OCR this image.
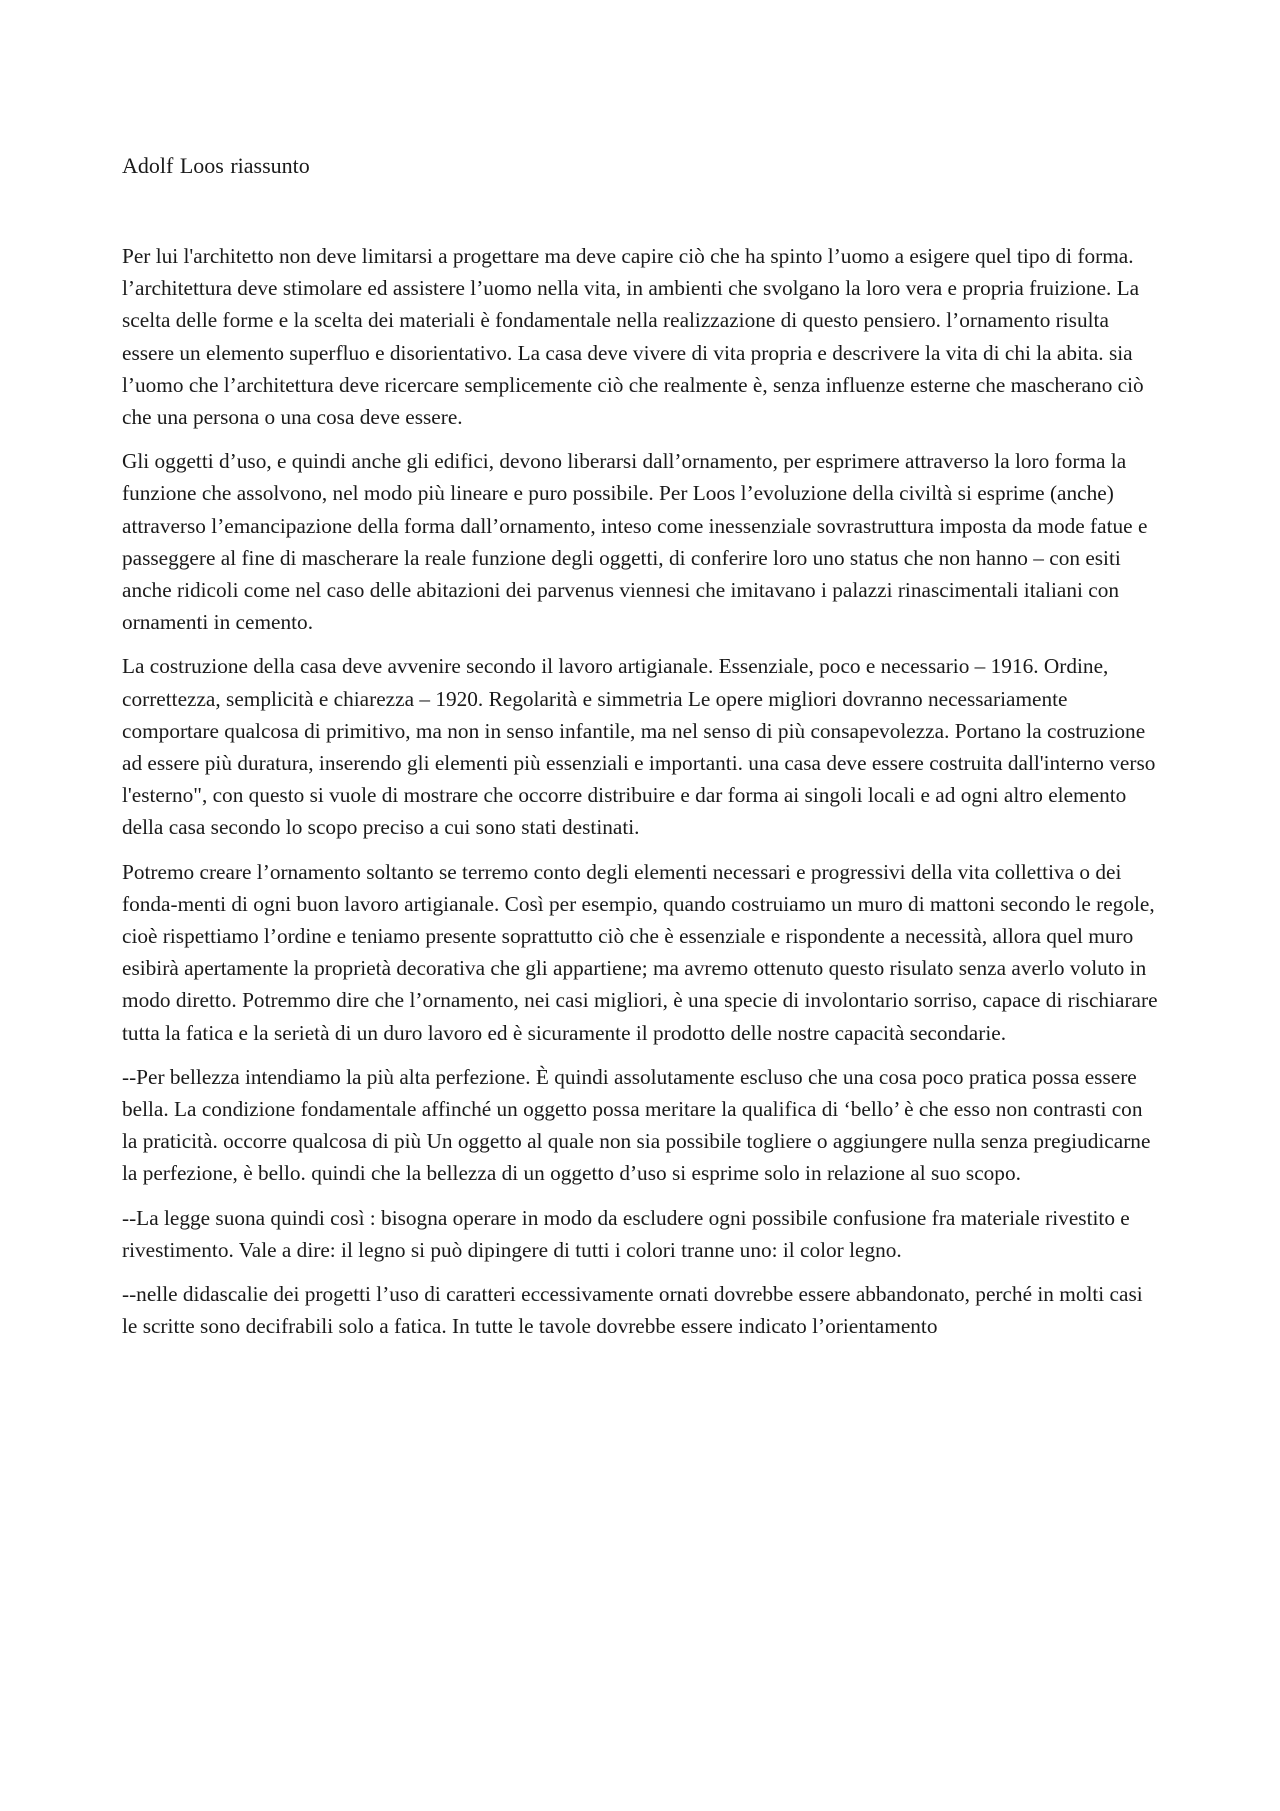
Adolf Loos riassunto

Per lui l'architetto non deve limitarsi a progettare ma deve capire ciò che ha spinto l’uomo a esigere quel tipo di forma. l’architettura deve stimolare ed assistere l’uomo nella vita, in ambienti che svolgano la loro vera e propria fruizione. La scelta delle forme e la scelta dei materiali è fondamentale nella realizzazione di questo pensiero. l’ornamento risulta essere un elemento superfluo e disorientativo. La casa deve vivere di vita propria e descrivere la vita di chi la abita. sia l’uomo che l’architettura deve ricercare semplicemente ciò che realmente è, senza influenze esterne che mascherano ciò che una persona o una cosa deve essere.

Gli oggetti d’uso, e quindi anche gli edifici, devono liberarsi dall’ornamento, per esprimere attraverso la loro forma la funzione che assolvono, nel modo più lineare e puro possibile. Per Loos l’evoluzione della civiltà si esprime (anche) attraverso l’emancipazione della forma dall’ornamento, inteso come inessenziale sovrastruttura imposta da mode fatue e passeggere al fine di mascherare la reale funzione degli oggetti, di conferire loro uno status che non hanno – con esiti anche ridicoli come nel caso delle abitazioni dei parvenus viennesi che imitavano i palazzi rinascimentali italiani con ornamenti in cemento.

La costruzione della casa deve avvenire secondo il lavoro artigianale. Essenziale, poco e necessario – 1916. Ordine, correttezza, semplicità e chiarezza – 1920. Regolarità e simmetria Le opere migliori dovranno necessariamente comportare qualcosa di primitivo, ma non in senso infantile, ma nel senso di più consapevolezza. Portano la costruzione ad essere più duratura, inserendo gli elementi più essenziali e importanti. una casa deve essere costruita dall'interno verso l'esterno", con questo si vuole di mostrare che occorre distribuire e dar forma ai singoli locali e ad ogni altro elemento della casa secondo lo scopo preciso a cui sono stati destinati.

Potremo creare l’ornamento soltanto se terremo conto degli elementi necessari e progressivi della vita collettiva o dei fonda-menti di ogni buon lavoro artigianale. Così per esempio, quando costruiamo un muro di mattoni secondo le regole, cioè rispettiamo l’ordine e teniamo presente soprattutto ciò che è essenziale e rispondente a necessità, allora quel muro esibirà apertamente la proprietà decorativa che gli appartiene; ma avremo ottenuto questo risulato senza averlo voluto in modo diretto. Potremmo dire che l’ornamento, nei casi migliori, è una specie di involontario sorriso, capace di rischiarare tutta la fatica e la serietà di un duro lavoro ed è sicuramente il prodotto delle nostre capacità secondarie.

--Per bellezza intendiamo la più alta perfezione. È quindi assolutamente escluso che una cosa poco pratica possa essere bella. La condizione fondamentale affinché un oggetto possa meritare la qualifica di ‘bello’ è che esso non contrasti con la praticità. occorre qualcosa di più Un oggetto al quale non sia possibile togliere o aggiungere nulla senza pregiudicarne la perfezione, è bello. quindi che la bellezza di un oggetto d’uso si esprime solo in relazione al suo scopo.

--La legge suona quindi così : bisogna operare in modo da escludere ogni possibile confusione fra materiale rivestito e rivestimento. Vale a dire: il legno si può dipingere di tutti i colori tranne uno: il color legno.

--nelle didascalie dei progetti l’uso di caratteri eccessivamente ornati dovrebbe essere abbandonato, perché in molti casi le scritte sono decifrabili solo a fatica. In tutte le tavole dovrebbe essere indicato l’orientamento
